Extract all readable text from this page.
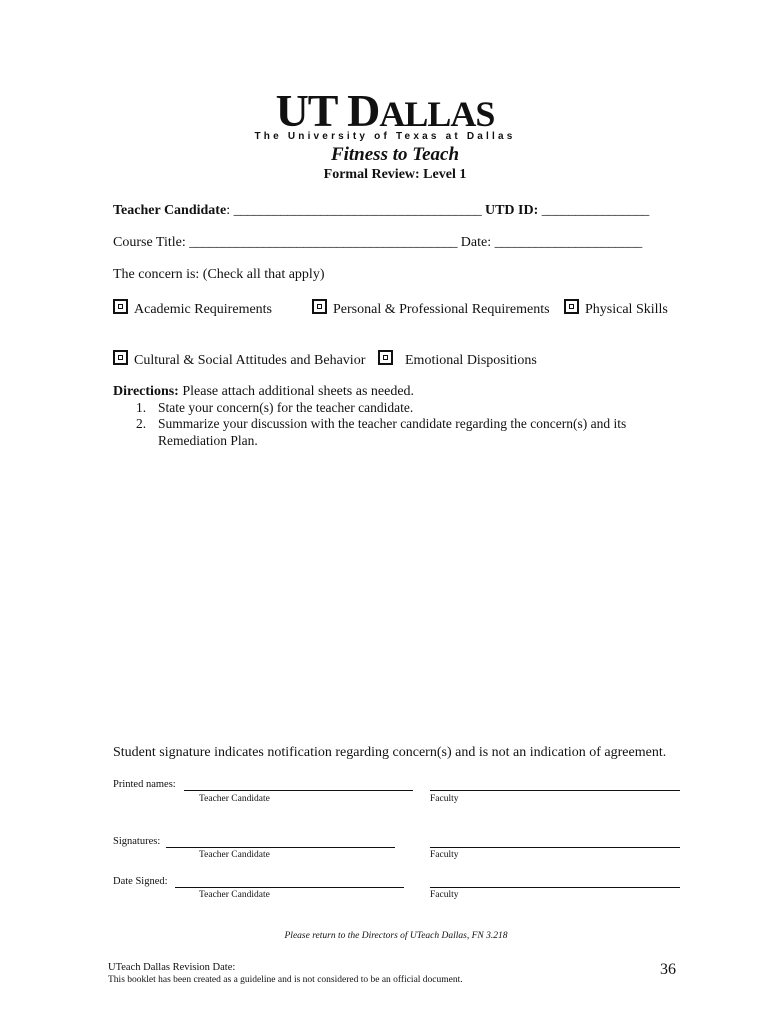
UT DALLAS
The University of Texas at Dallas
Fitness to Teach
Formal Review: Level 1
Teacher Candidate: _____________________________________ UTD ID: ________________
Course Title: ________________________________________ Date: ______________________
The concern is: (Check all that apply)
Academic Requirements	Personal & Professional Requirements	Physical Skills
Cultural & Social Attitudes and Behavior	Emotional Dispositions
Directions: Please attach additional sheets as needed.
1. State your concern(s) for the teacher candidate.
2. Summarize your discussion with the teacher candidate regarding the concern(s) and its
Remediation Plan.
Student signature indicates notification regarding concern(s) and is not an indication of agreement.
Printed names:
Teacher Candidate	Faculty
Signatures:
Teacher Candidate	Faculty
Date Signed:
Teacher Candidate	Faculty
Please return to the Directors of UTeach Dallas, FN 3.218
UTeach Dallas Revision Date:
This booklet has been created as a guideline and is not considered to be an official document.
36
